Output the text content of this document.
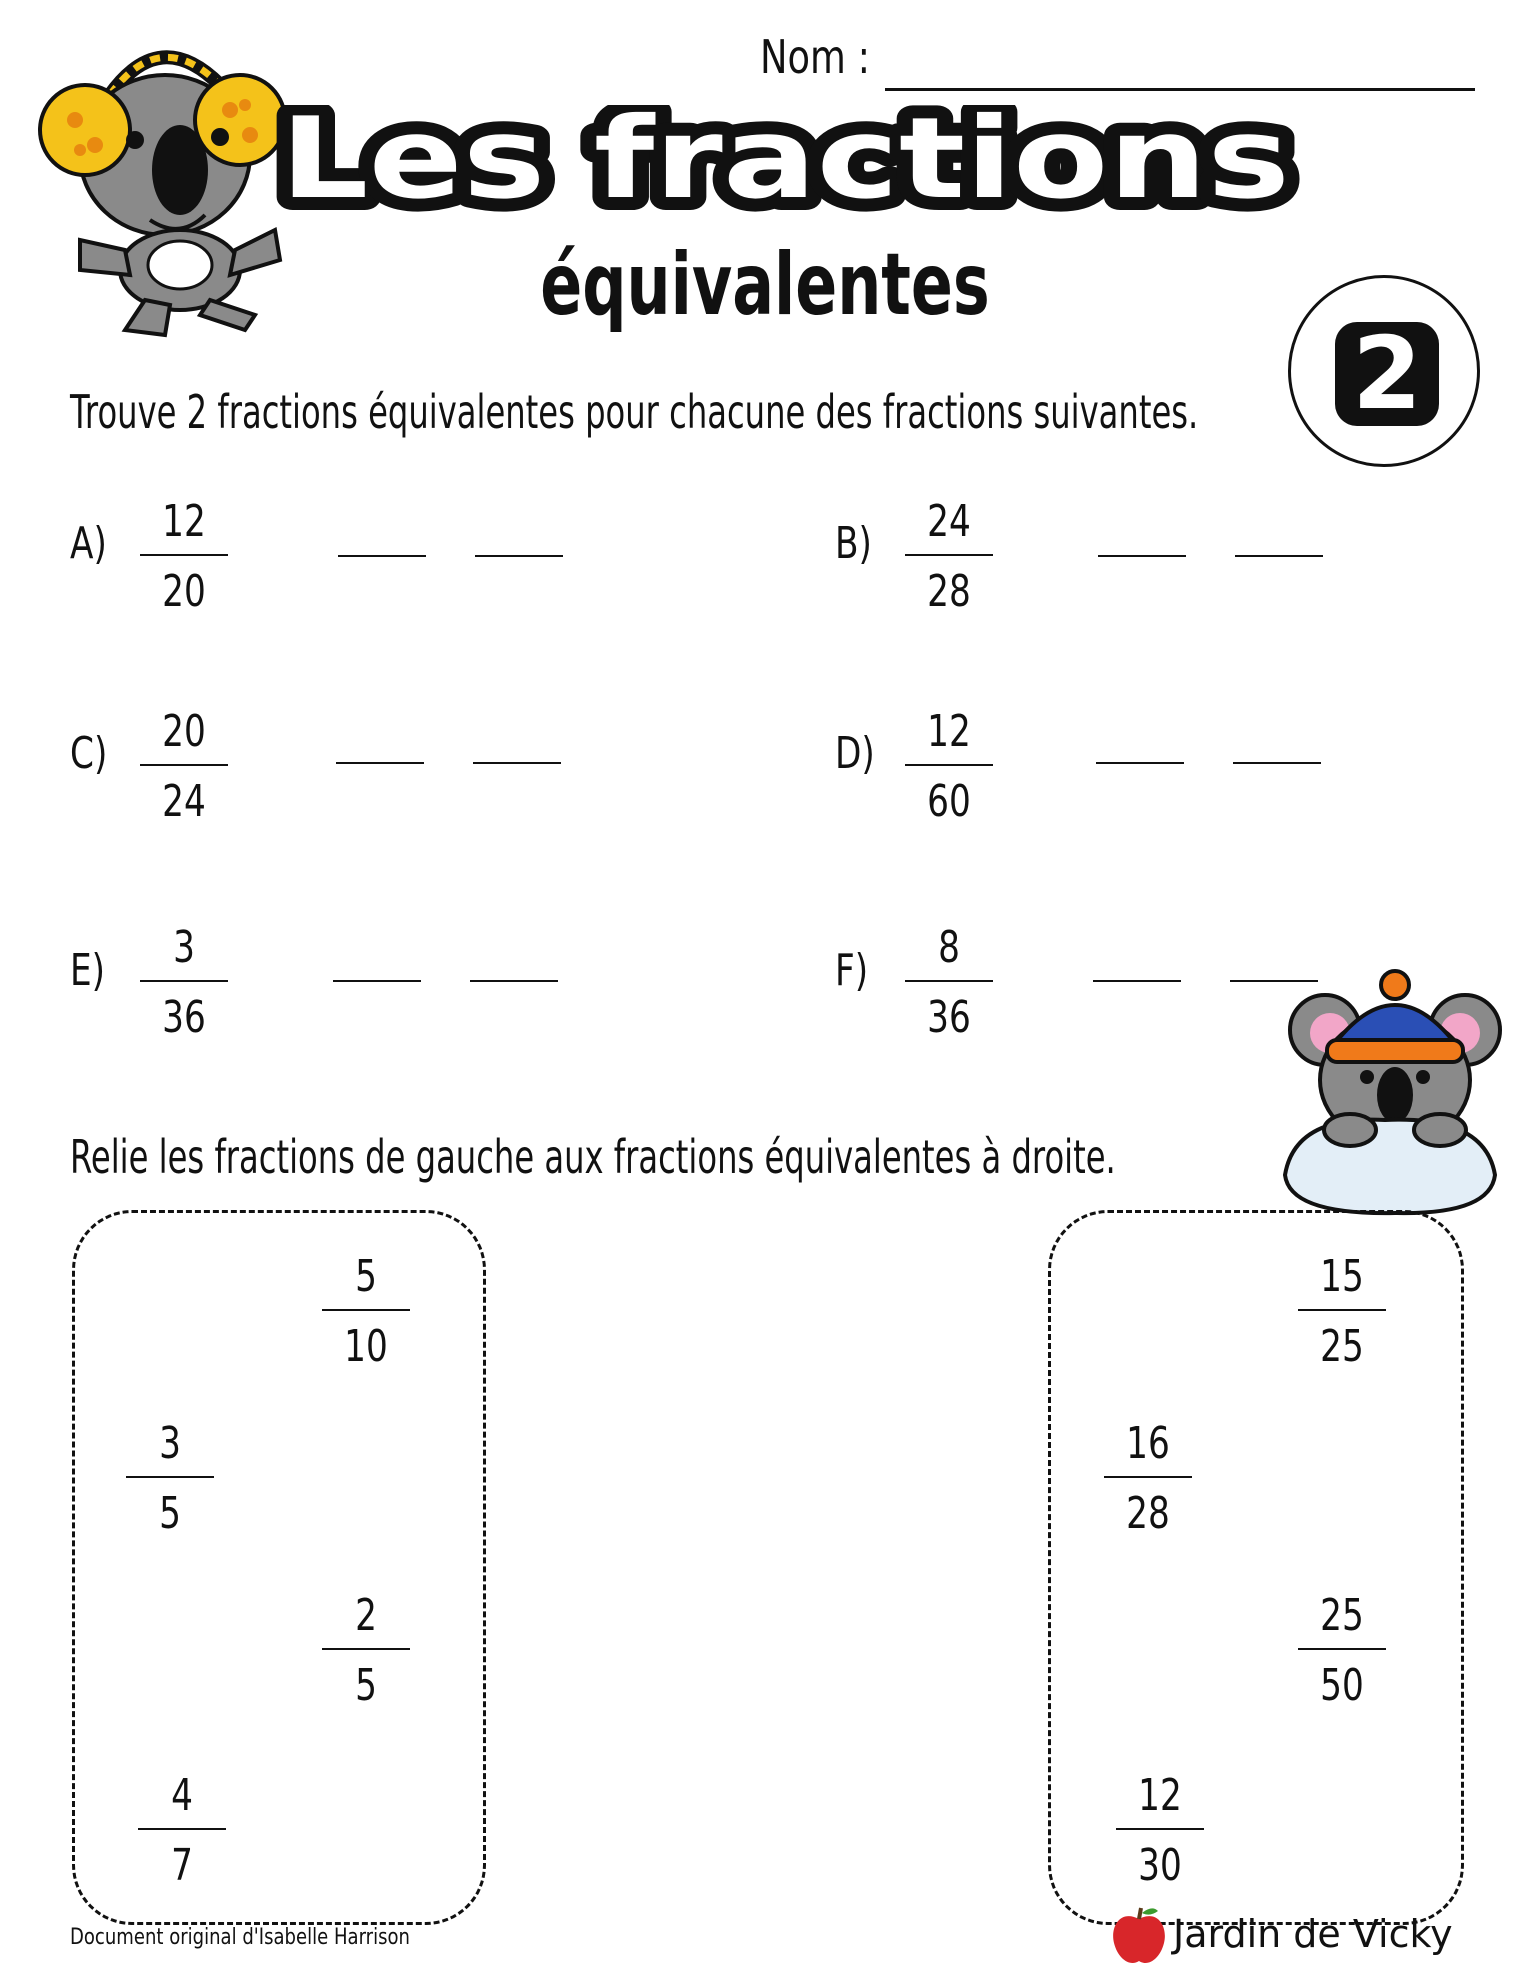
Nom :
Les fractions
équivalentes
2
Trouve 2 fractions équivalentes pour chacune des fractions suivantes.
A) 12
20
B) 24
28
C) 20
24
D) 12
60
E)	3
36
F)	8
36
Relie les fractions de gauche aux fractions équivalentes à droite.
5
10
3
5
2
5
4
7
15
25
16
28
25
50
12
30
Document original d'Isabelle Harrison	Jardin de Vicky
